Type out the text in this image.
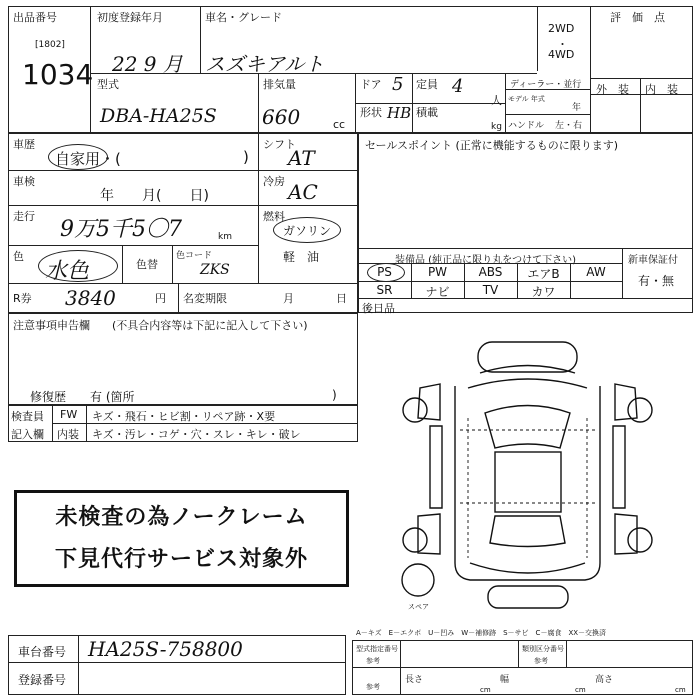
出品番号
[1802]
1034
初度登録年月
22 9 月
車名・グレード
スズキアルト
2WD
・
4WD
評　価　点
外　装 内　装
型式
DBA-HA25S
排気量
660	cc
ドア 5 定員 4
人
形状 HB 積載
kg
ディーラー・並行
モデル 年式
年
ハンドル 左・右
車歴
自家用・(	)
シフト
AT
車検
年　　月(　　日)
冷房 AC
走行
9万5千5〇7	km
燃料
ガソリン
軽　油
色
水色	色替
色コード
ZKS
R券 3840	円 名変期限	月	日
注意事項申告欄 (不具合内容等は下記に記入して下さい)
修復歴　　有 (箇所	)
セールスポイント (正常に機能するものに限ります)
装備品 (純正品に限り丸をつけて下さい)	新車保証付
有・無
PS	PW	ABS	エアB	AW
SR	ナビ	TV	カワ
後日品
検査員
記入欄
FW キズ・飛石・ヒビ割・リペア跡・X要
内装 キズ・汚レ・コゲ・穴・スレ・キレ・破レ
未検査の為ノークレーム
下見代行サービス対象外
スペア
車台番号 HA25S-758800
登録番号
A－キズ　E－エクボ　U－凹み　W－補修跡　S－サビ　C－腐食　XX－交換済
型式指定番号
参考
類別区分番号
参考
参考
長さ
cm
幅
cm
高さ
cm
